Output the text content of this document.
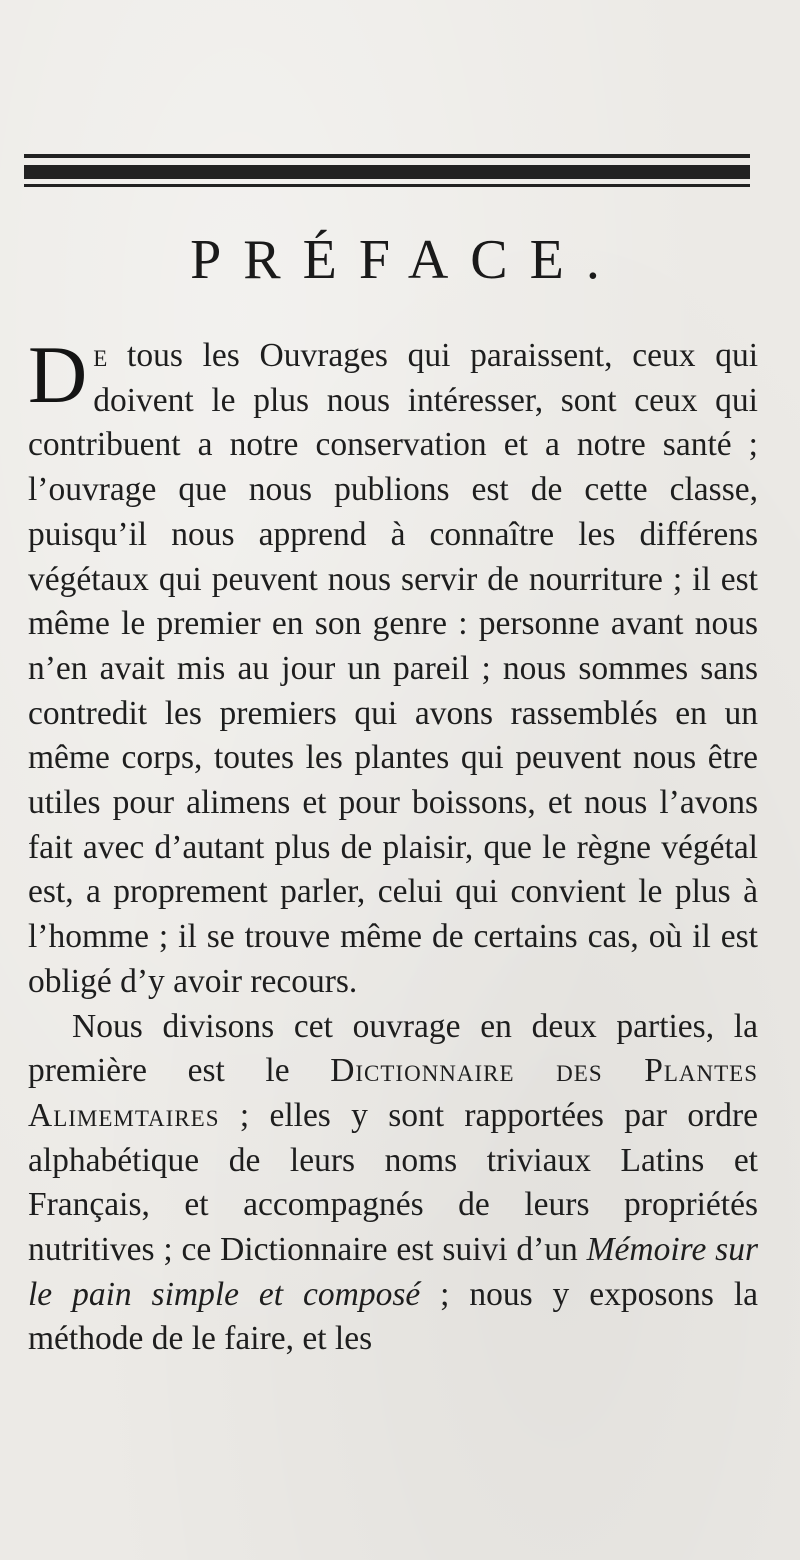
PRÉFACE.

De tous les Ouvrages qui paraissent, ceux qui doivent le plus nous intéresser, sont ceux qui contribuent a notre conservation et a notre santé ; l’ouvrage que nous publions est de cette classe, puisqu’il nous apprend à connaître les différens végétaux qui peuvent nous servir de nourriture ; il est même le premier en son genre : personne avant nous n’en avait mis au jour un pareil ; nous sommes sans contredit les premiers qui avons rassemblés en un même corps, toutes les plantes qui peuvent nous être utiles pour alimens et pour boissons, et nous l’avons fait avec d’autant plus de plaisir, que le règne végétal est, a proprement parler, celui qui convient le plus à l’homme ; il se trouve même de certains cas, où il est obligé d’y avoir recours.

Nous divisons cet ouvrage en deux parties, la première est le Dictionnaire des Plantes Alimemtaires ; elles y sont rapportées par ordre alphabétique de leurs noms triviaux Latins et Français, et accompagnés de leurs propriétés nutritives ; ce Dictionnaire est suivi d’un Mémoire sur le pain simple et composé ; nous y exposons la méthode de le faire, et les
